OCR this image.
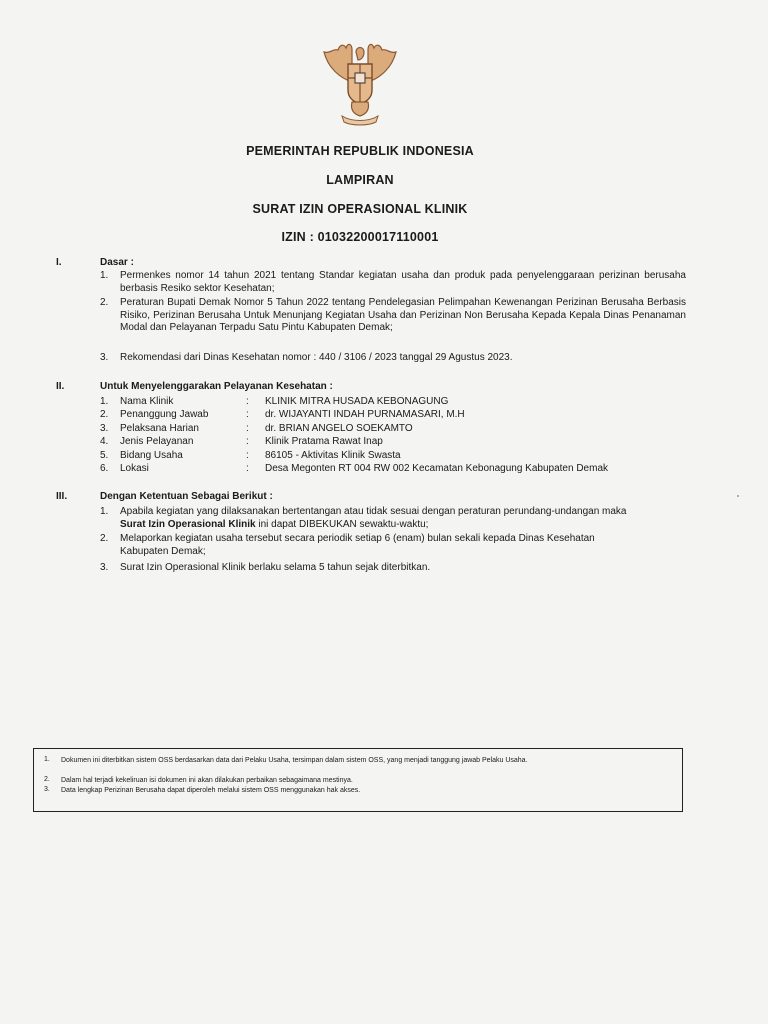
PEMERINTAH REPUBLIK INDONESIA
LAMPIRAN
SURAT IZIN OPERASIONAL KLINIK
IZIN : 01032200017110001
I.	Dasar :
1.	Permenkes nomor 14 tahun 2021 tentang Standar kegiatan usaha dan produk pada penyelenggaraan perizinan berusaha berbasis Resiko sektor Kesehatan;
2.	Peraturan Bupati Demak Nomor 5 Tahun 2022 tentang Pendelegasian Pelimpahan Kewenangan Perizinan Berusaha Berbasis Risiko, Perizinan Berusaha Untuk Menunjang Kegiatan Usaha dan Perizinan Non Berusaha Kepada Kepala Dinas Penanaman Modal dan Pelayanan Terpadu Satu Pintu Kabupaten Demak;
3.	Rekomendasi dari Dinas Kesehatan nomor : 440 / 3106 / 2023 tanggal 29 Agustus 2023.
II.	Untuk Menyelenggarakan Pelayanan Kesehatan :
1.	Nama Klinik	: KLINIK MITRA HUSADA KEBONAGUNG
2.	Penanggung Jawab	: dr. WIJAYANTI INDAH PURNAMASARI, M.H
3.	Pelaksana Harian	: dr. BRIAN ANGELO SOEKAMTO
4.	Jenis Pelayanan	: Klinik Pratama Rawat Inap
5.	Bidang Usaha	: 86105 - Aktivitas Klinik Swasta
6.	Lokasi	: Desa Megonten RT 004 RW 002 Kecamatan Kebonagung Kabupaten Demak
III.	Dengan Ketentuan Sebagai Berikut :
1.	Apabila kegiatan yang dilaksanakan bertentangan atau tidak sesuai dengan peraturan perundang-undangan maka Surat Izin Operasional Klinik ini dapat DIBEKUKAN sewaktu-waktu;
2.	Melaporkan kegiatan usaha tersebut secara periodik setiap 6 (enam) bulan sekali kepada Dinas Kesehatan Kabupaten Demak;
3.	Surat Izin Operasional Klinik berlaku selama 5 tahun sejak diterbitkan.
1. Dokumen ini diterbitkan sistem OSS berdasarkan data dari Pelaku Usaha, tersimpan dalam sistem OSS, yang menjadi tanggung jawab Pelaku Usaha.
2. Dalam hal terjadi kekeliruan isi dokumen ini akan dilakukan perbaikan sebagaimana mestinya.
3. Data lengkap Perizinan Berusaha dapat diperoleh melalui sistem OSS menggunakan hak akses.
